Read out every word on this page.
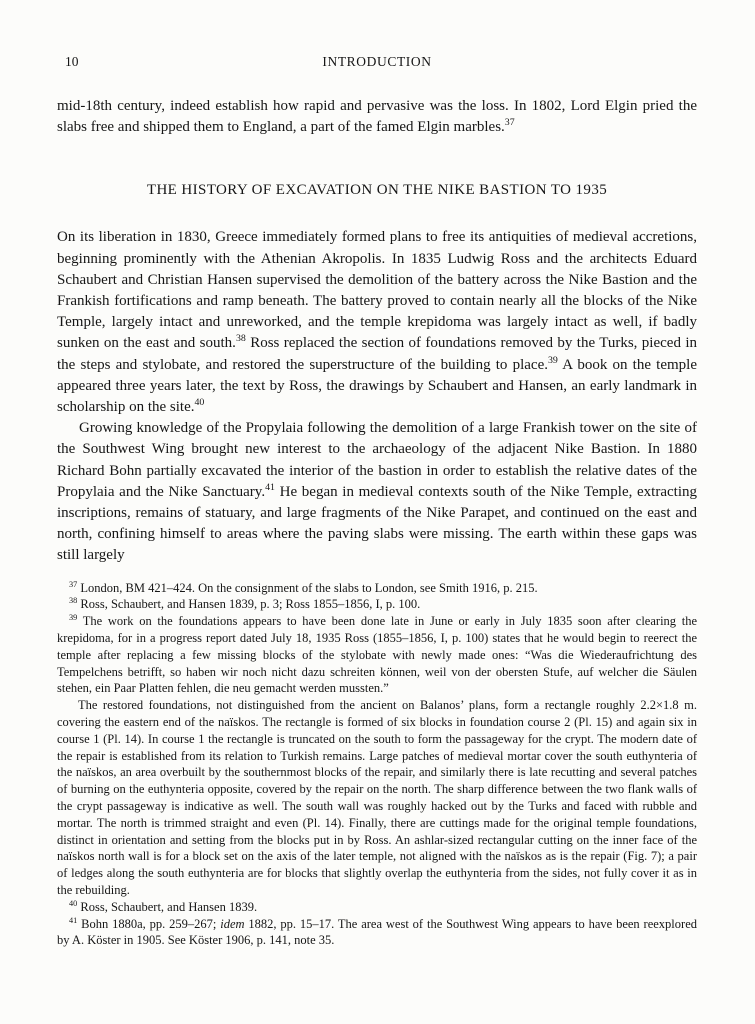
10	INTRODUCTION

mid-18th century, indeed establish how rapid and pervasive was the loss. In 1802, Lord Elgin pried the slabs free and shipped them to England, a part of the famed Elgin marbles.$^{37}$

THE HISTORY OF EXCAVATION ON THE NIKE BASTION TO 1935

On its liberation in 1830, Greece immediately formed plans to free its antiquities of medieval accretions, beginning prominently with the Athenian Akropolis. In 1835 Ludwig Ross and the architects Eduard Schaubert and Christian Hansen supervised the demolition of the battery across the Nike Bastion and the Frankish fortifications and ramp beneath. The battery proved to contain nearly all the blocks of the Nike Temple, largely intact and unreworked, and the temple krepidoma was largely intact as well, if badly sunken on the east and south.$^{38}$ Ross replaced the section of foundations removed by the Turks, pieced in the steps and stylobate, and restored the superstructure of the building to place.$^{39}$ A book on the temple appeared three years later, the text by Ross, the drawings by Schaubert and Hansen, an early landmark in scholarship on the site.$^{40}$

Growing knowledge of the Propylaia following the demolition of a large Frankish tower on the site of the Southwest Wing brought new interest to the archaeology of the adjacent Nike Bastion. In 1880 Richard Bohn partially excavated the interior of the bastion in order to establish the relative dates of the Propylaia and the Nike Sanctuary.$^{41}$ He began in medieval contexts south of the Nike Temple, extracting inscriptions, remains of statuary, and large fragments of the Nike Parapet, and continued on the east and north, confining himself to areas where the paving slabs were missing. The earth within these gaps was still largely

$^{37}$ London, BM 421–424. On the consignment of the slabs to London, see Smith 1916, p. 215.

$^{38}$ Ross, Schaubert, and Hansen 1839, p. 3; Ross 1855–1856, I, p. 100.

$^{39}$ The work on the foundations appears to have been done late in June or early in July 1835 soon after clearing the krepidoma, for in a progress report dated July 18, 1935 Ross (1855–1856, I, p. 100) states that he would begin to reerect the temple after replacing a few missing blocks of the stylobate with newly made ones: “Was die Wiederaufrichtung des Tempelchens betrifft, so haben wir noch nicht dazu schreiten können, weil von der obersten Stufe, auf welcher die Säulen stehen, ein Paar Platten fehlen, die neu gemacht werden mussten.”

The restored foundations, not distinguished from the ancient on Balanos’ plans, form a rectangle roughly 2.2×1.8 m. covering the eastern end of the naïskos. The rectangle is formed of six blocks in foundation course 2 (Pl. 15) and again six in course 1 (Pl. 14). In course 1 the rectangle is truncated on the south to form the passageway for the crypt. The modern date of the repair is established from its relation to Turkish remains. Large patches of medieval mortar cover the south euthynteria of the naïskos, an area overbuilt by the southernmost blocks of the repair, and similarly there is late recutting and several patches of burning on the euthynteria opposite, covered by the repair on the north. The sharp difference between the two flank walls of the crypt passageway is indicative as well. The south wall was roughly hacked out by the Turks and faced with rubble and mortar. The north is trimmed straight and even (Pl. 14). Finally, there are cuttings made for the original temple foundations, distinct in orientation and setting from the blocks put in by Ross. An ashlar-sized rectangular cutting on the inner face of the naïskos north wall is for a block set on the axis of the later temple, not aligned with the naïskos as is the repair (Fig. 7); a pair of ledges along the south euthynteria are for blocks that slightly overlap the euthynteria from the sides, not fully cover it as in the rebuilding.

$^{40}$ Ross, Schaubert, and Hansen 1839.

$^{41}$ Bohn 1880a, pp. 259–267; idem 1882, pp. 15–17. The area west of the Southwest Wing appears to have been reexplored by A. Köster in 1905. See Köster 1906, p. 141, note 35.
